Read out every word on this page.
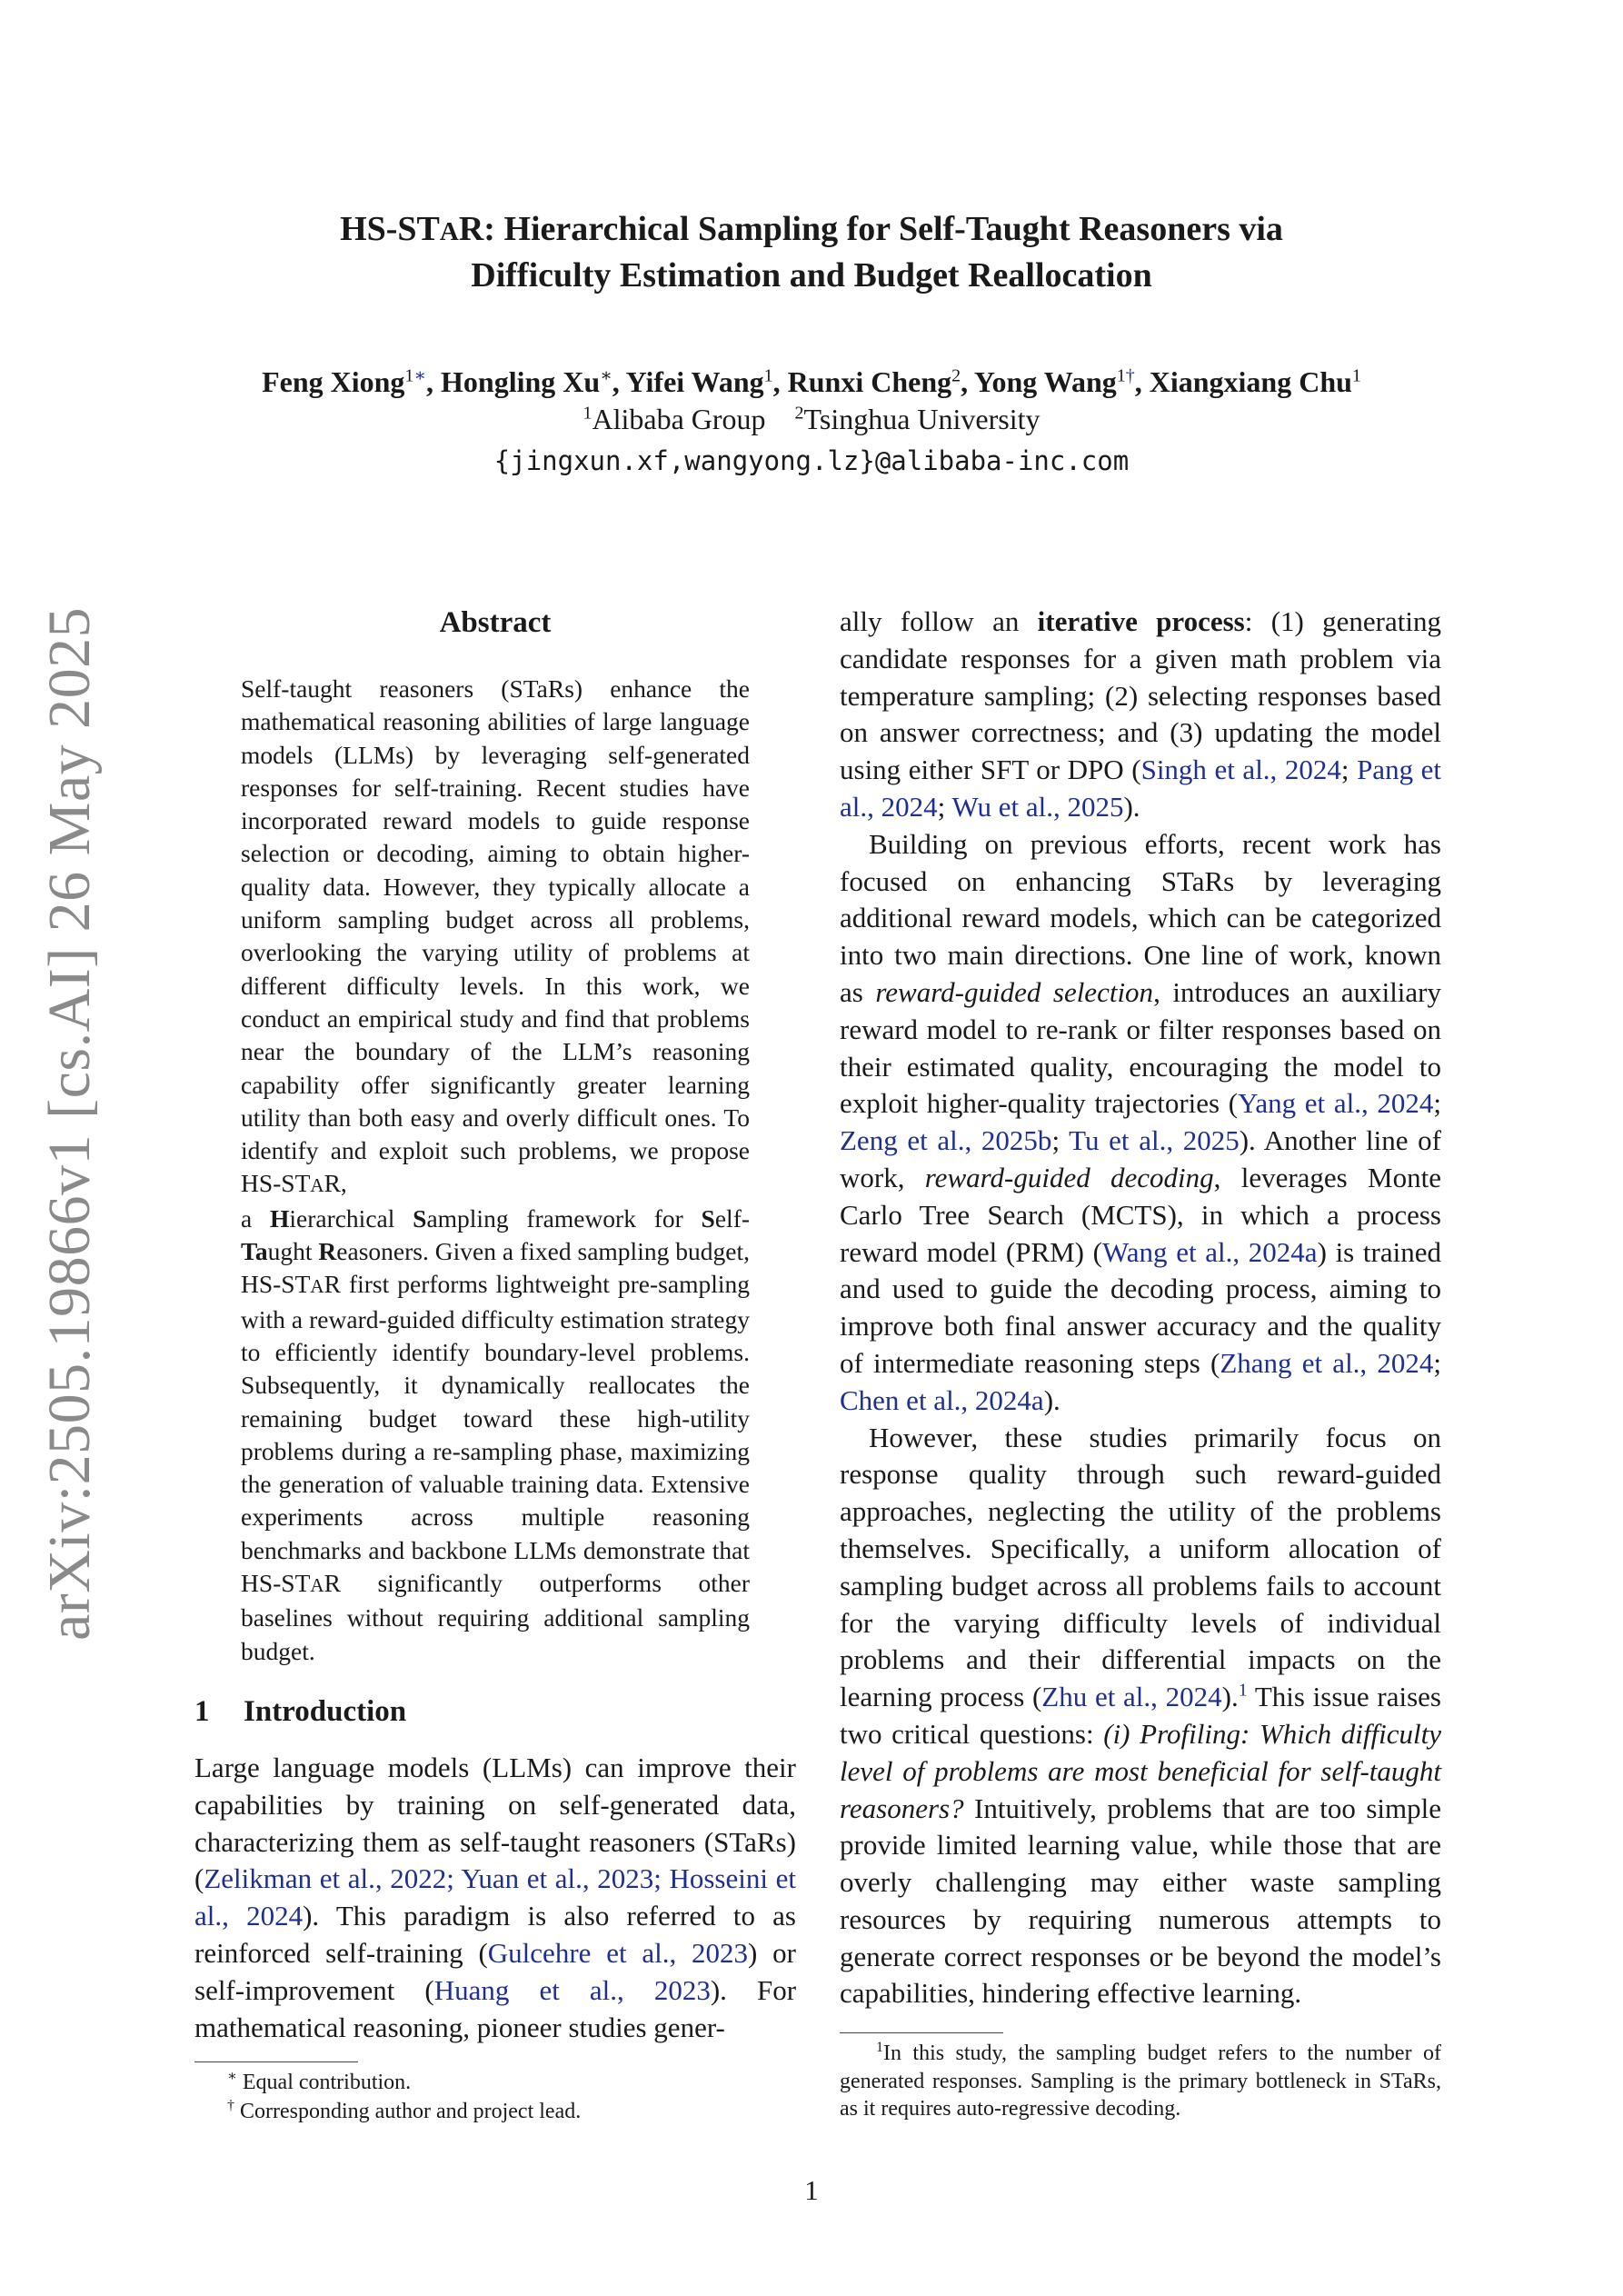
arXiv:2505.19866v1 [cs.AI] 26 May 2025
HS-STAR: Hierarchical Sampling for Self-Taught Reasoners via
Difficulty Estimation and Budget Reallocation
Feng Xiong$^{1∗}$, Hongling Xu∗, Yifei Wang$^1$, Runxi Cheng$^2$, Yong Wang$^{1\dagger}$, Xiangxiang Chu$^1$
$^1$Alibaba Group $^2$Tsinghua University
{jingxun.xf,wangyong.lz}@alibaba-inc.com
Abstract

Self-taught reasoners (STaRs) enhance the mathematical reasoning abilities of large language models (LLMs) by leveraging self-generated responses for self-training. Recent studies have incorporated reward models to guide response selection or decoding, aiming to obtain higher-quality data. However, they typically allocate a uniform sampling budget across all problems, overlooking the varying utility of problems at different difficulty levels. In this work, we conduct an empirical study and find that problems near the boundary of the LLM’s reasoning capability offer significantly greater learning utility than both easy and overly difficult ones. To identify and exploit such problems, we propose HS-STAR,
a Hierarchical Sampling framework for Self-Taught Reasoners. Given a fixed sampling budget, HS-STAR first performs lightweight pre-sampling with a reward-guided difficulty estimation strategy to efficiently identify boundary-level problems. Subsequently, it dynamically reallocates the remaining budget toward these high-utility problems during a re-sampling phase, maximizing the generation of valuable training data. Extensive experiments across multiple reasoning benchmarks and backbone LLMs demonstrate that HS-STAR significantly outperforms other baselines without requiring additional sampling budget.

1 Introduction

Large language models (LLMs) can improve their capabilities by training on self-generated data, characterizing them as self-taught reasoners (STaRs) (Zelikman et al., 2022; Yuan et al., 2023; Hosseini et al., 2024). This paradigm is also referred to as reinforced self-training (Gulcehre et al., 2023) or self-improvement (Huang et al., 2023). For mathematical reasoning, pioneer studies gener-

ally follow an iterative process: (1) generating candidate responses for a given math problem via temperature sampling; (2) selecting responses based on answer correctness; and (3) updating the model using either SFT or DPO (Singh et al., 2024; Pang et al., 2024; Wu et al., 2025).

Building on previous efforts, recent work has focused on enhancing STaRs by leveraging additional reward models, which can be categorized into two main directions. One line of work, known as reward-guided selection, introduces an auxiliary reward model to re-rank or filter responses based on their estimated quality, encouraging the model to exploit higher-quality trajectories (Yang et al., 2024; Zeng et al., 2025b; Tu et al., 2025). Another line of work, reward-guided decoding, leverages Monte Carlo Tree Search (MCTS), in which a process reward model (PRM) (Wang et al., 2024a) is trained and used to guide the decoding process, aiming to improve both final answer accuracy and the quality of intermediate reasoning steps (Zhang et al., 2024; Chen et al., 2024a).

However, these studies primarily focus on response quality through such reward-guided approaches, neglecting the utility of the problems themselves. Specifically, a uniform allocation of sampling budget across all problems fails to account for the varying difficulty levels of individual problems and their differential impacts on the learning process (Zhu et al., 2024).$^1$ This issue raises two critical questions: (i) Profiling: Which difficulty level of problems are most beneficial for self-taught reasoners? Intuitively, problems that are too simple provide limited learning value, while those that are overly challenging may either waste sampling resources by requiring numerous attempts to generate correct responses or be beyond the model’s capabilities, hindering effective learning.

∗ Equal contribution.

† Corresponding author and project lead.

$^1$In this study, the sampling budget refers to the number of generated responses. Sampling is the primary bottleneck in STaRs, as it requires auto-regressive decoding.

1
